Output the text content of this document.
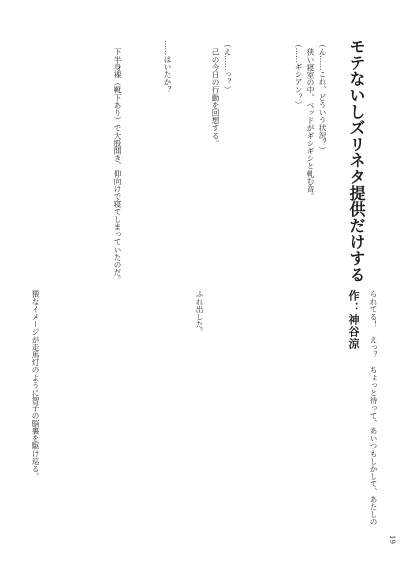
モテないしズリネタ提供だけする
作：神谷涼
（ん……これ、どういう状況？）
狭い寝室の中、ベッドがギシギシと軋む音。
（……ギシアン？）
（え……っ？）
己の今日の行動を回想する。
……はいたか？
下半身裸（靴下あり）で大股開き、仰向けで寝てしまっていたのだ。
られてる！　えっ？　ちょっと待って、あいつもしかして、あたしの
ふれ出した。
猥なイメージが走馬灯のように智子の脳裏を駆け巡る。
19
